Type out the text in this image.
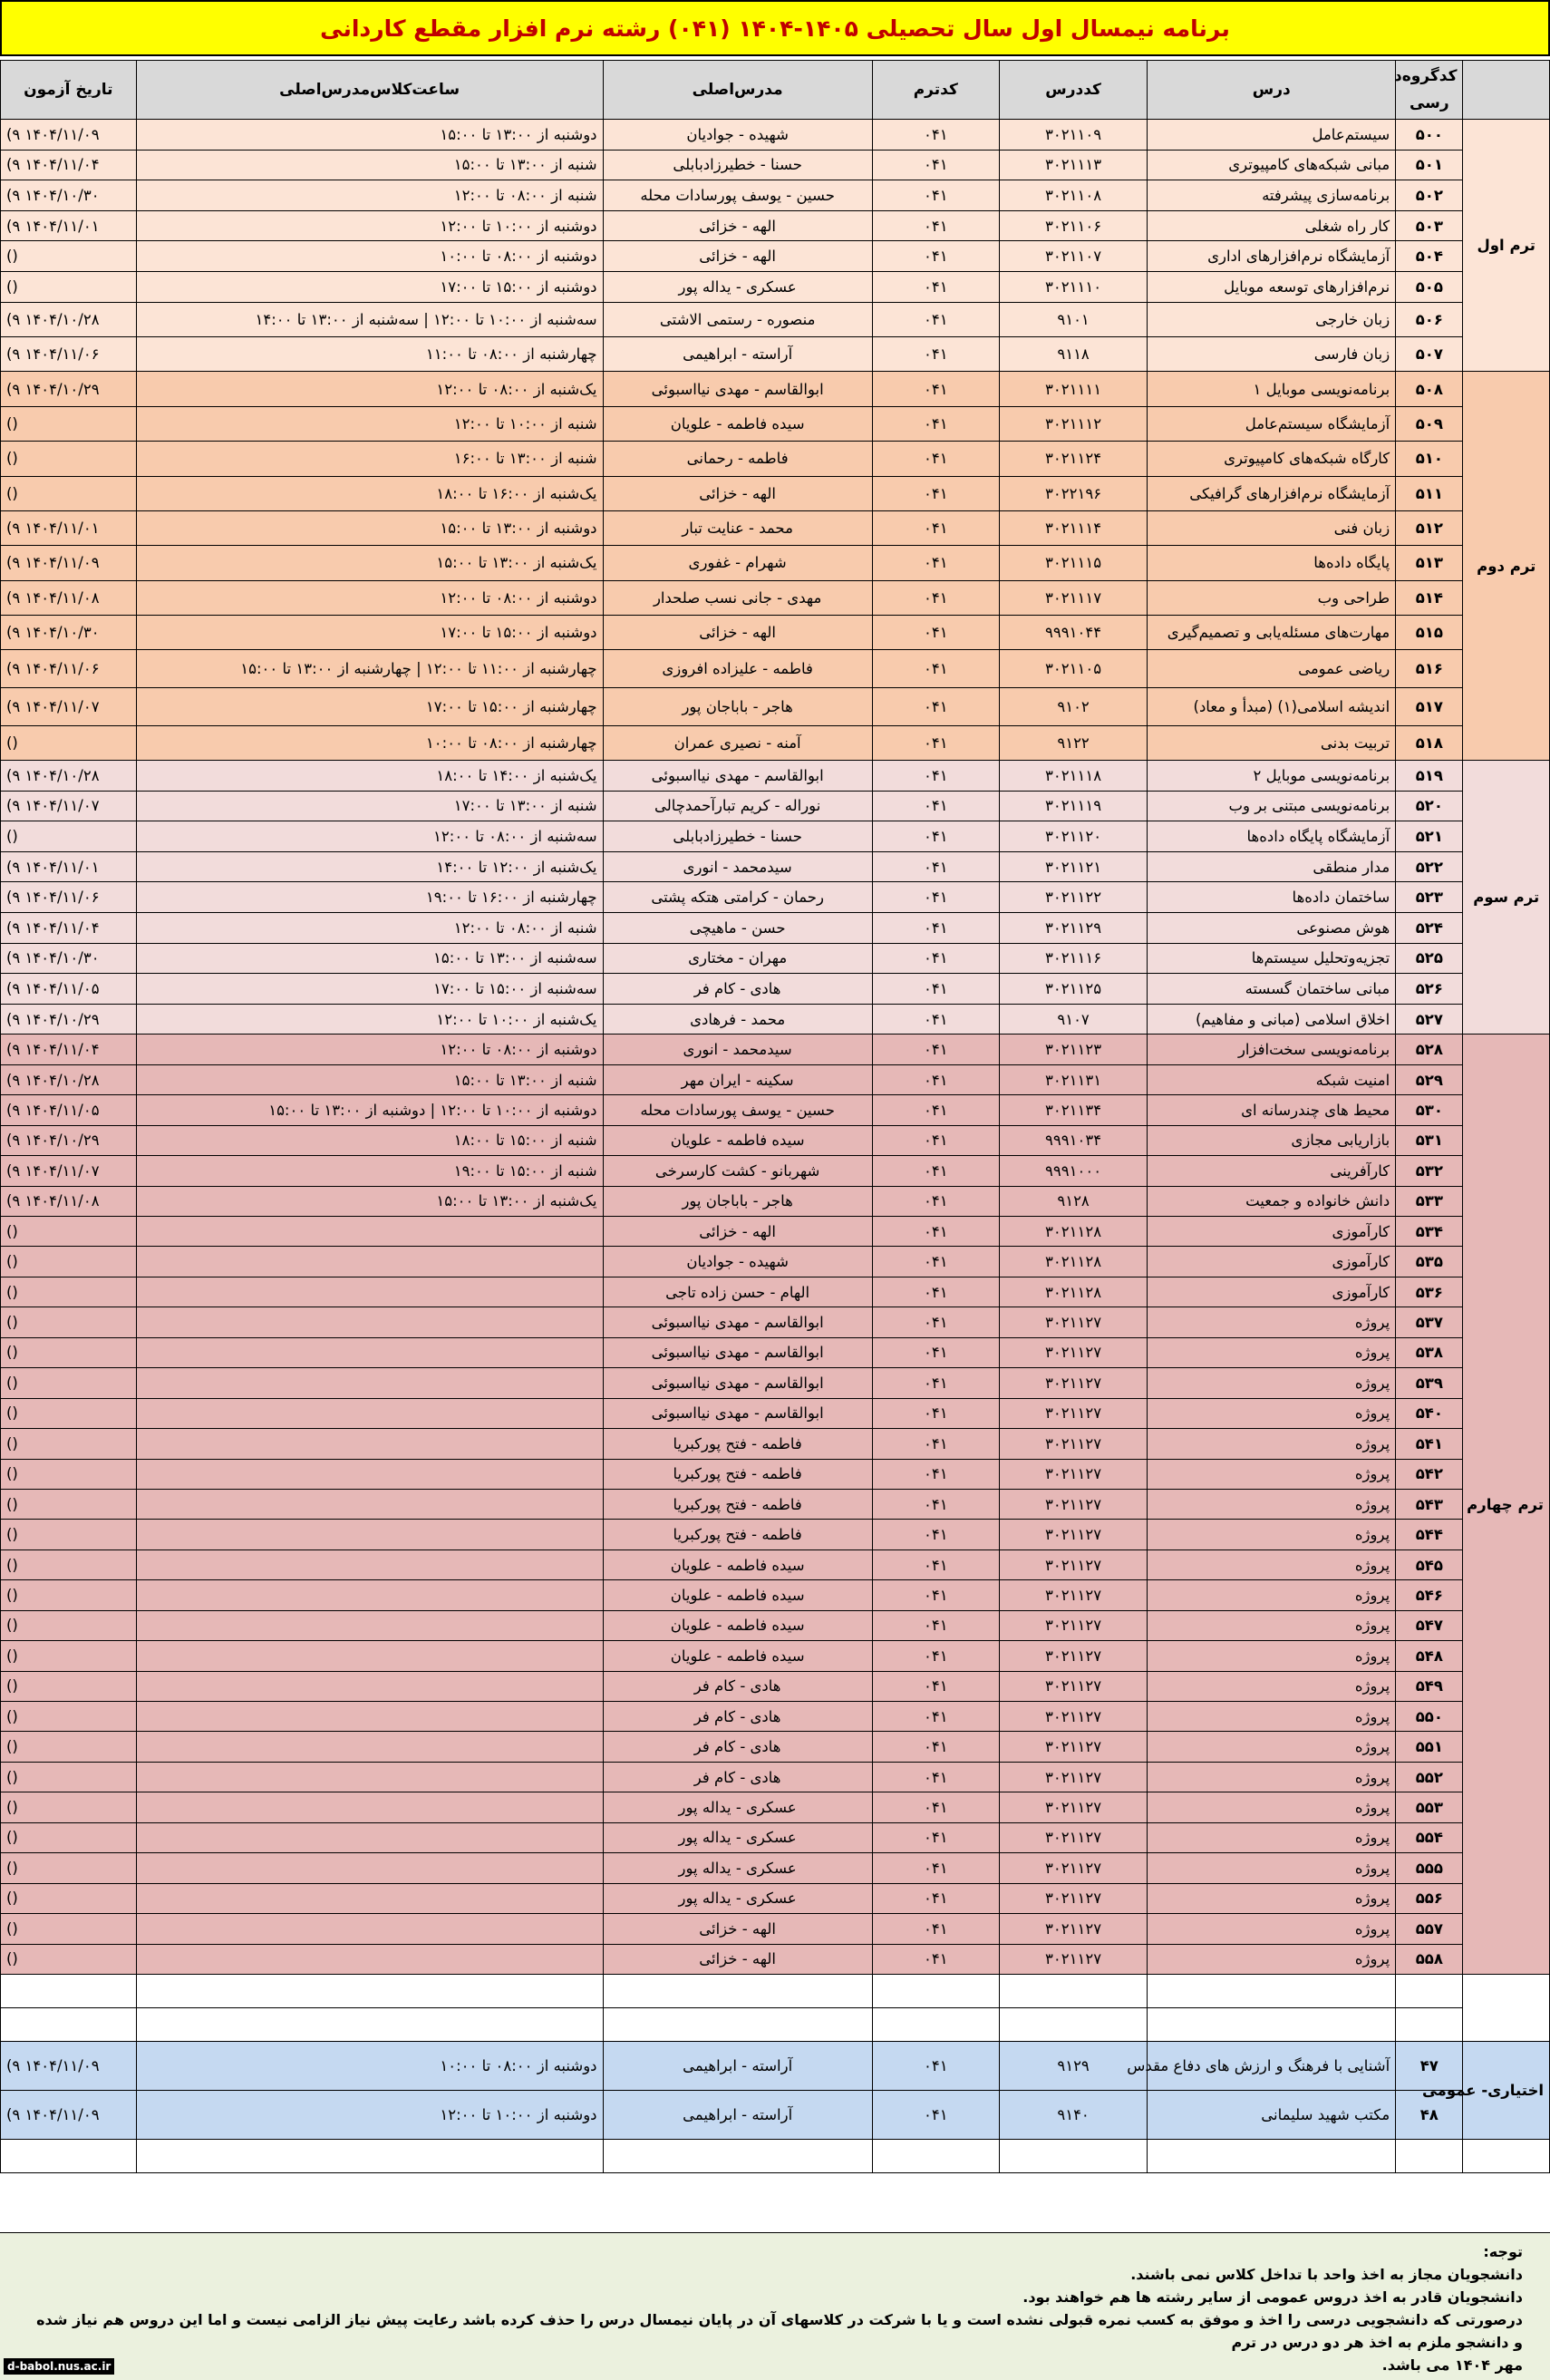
برنامه نیمسال اول سال تحصیلی ۱۴۰۵-۱۴۰۴ (۰۴۱) رشته نرم افزار مقطع کاردانی
	کدگروه‌د رسی	درس	کددرس	کدترم	مدرس‌اصلی	ساعت‌کلاس‌مدرس‌اصلی	تاریخ آزمون
ترم اول	۵۰۰	سیستم‌عامل	۳۰۲۱۱۰۹	۰۴۱	شهیده - جوادیان	دوشنبه از ۱۳:۰۰ تا ۱۵:۰۰	(۹ ۱۴۰۴/۱۱/۰۹
	۵۰۱	مبانی شبکه‌های کامپیوتری	۳۰۲۱۱۱۳	۰۴۱	حسنا - خطیرزادبابلی	شنبه از ۱۳:۰۰ تا ۱۵:۰۰	(۹ ۱۴۰۴/۱۱/۰۴
	۵۰۲	برنامه‌سازی پیشرفته	۳۰۲۱۱۰۸	۰۴۱	حسین - یوسف پورسادات محله	شنبه از ۰۸:۰۰ تا ۱۲:۰۰	(۹ ۱۴۰۴/۱۰/۳۰
	۵۰۳	کار راه شغلی	۳۰۲۱۱۰۶	۰۴۱	الهه - خزائی	دوشنبه از ۱۰:۰۰ تا ۱۲:۰۰	(۹ ۱۴۰۴/۱۱/۰۱
	۵۰۴	آزمایشگاه نرم‌افزارهای اداری	۳۰۲۱۱۰۷	۰۴۱	الهه - خزائی	دوشنبه از ۰۸:۰۰ تا ۱۰:۰۰	()
	۵۰۵	نرم‌افزارهای توسعه موبایل	۳۰۲۱۱۱۰	۰۴۱	عسکری - یداله پور	دوشنبه از ۱۵:۰۰ تا ۱۷:۰۰	()
	۵۰۶	زبان خارجی	۹۱۰۱	۰۴۱	منصوره - رستمی الاشتی	سه‌شنبه از ۱۰:۰۰ تا ۱۲:۰۰ | سه‌شنبه از ۱۳:۰۰ تا ۱۴:۰۰	(۹ ۱۴۰۴/۱۰/۲۸
	۵۰۷	زبان فارسی	۹۱۱۸	۰۴۱	آراسته - ابراهیمی	چهارشنبه از ۰۸:۰۰ تا ۱۱:۰۰	(۹ ۱۴۰۴/۱۱/۰۶
ترم دوم	۵۰۸	برنامه‌نویسی موبایل ۱	۳۰۲۱۱۱۱	۰۴۱	ابوالقاسم - مهدی نیااسبوئی	یک‌شنبه از ۰۸:۰۰ تا ۱۲:۰۰	(۹ ۱۴۰۴/۱۰/۲۹
	۵۰۹	آزمایشگاه سیستم‌عامل	۳۰۲۱۱۱۲	۰۴۱	سیده فاطمه - علویان	شنبه از ۱۰:۰۰ تا ۱۲:۰۰	()
	۵۱۰	کارگاه شبکه‌های کامپیوتری	۳۰۲۱۱۲۴	۰۴۱	فاطمه - رحمانی	شنبه از ۱۳:۰۰ تا ۱۶:۰۰	()
	۵۱۱	آزمایشگاه نرم‌افزارهای گرافیکی	۳۰۲۲۱۹۶	۰۴۱	الهه - خزائی	یک‌شنبه از ۱۶:۰۰ تا ۱۸:۰۰	()
	۵۱۲	زبان فنی	۳۰۲۱۱۱۴	۰۴۱	محمد - عنایت تبار	دوشنبه از ۱۳:۰۰ تا ۱۵:۰۰	(۹ ۱۴۰۴/۱۱/۰۱
	۵۱۳	پایگاه داده‌ها	۳۰۲۱۱۱۵	۰۴۱	شهرام - غفوری	یک‌شنبه از ۱۳:۰۰ تا ۱۵:۰۰	(۹ ۱۴۰۴/۱۱/۰۹
	۵۱۴	طراحی وب	۳۰۲۱۱۱۷	۰۴۱	مهدی - جانی نسب صلحدار	دوشنبه از ۰۸:۰۰ تا ۱۲:۰۰	(۹ ۱۴۰۴/۱۱/۰۸
	۵۱۵	مهارت‌های مسئله‌یابی و تصمیم‌گیری	۹۹۹۱۰۴۴	۰۴۱	الهه - خزائی	دوشنبه از ۱۵:۰۰ تا ۱۷:۰۰	(۹ ۱۴۰۴/۱۰/۳۰
	۵۱۶	ریاضی عمومی	۳۰۲۱۱۰۵	۰۴۱	فاطمه - علیزاده افروزی	چهارشنبه از ۱۱:۰۰ تا ۱۲:۰۰ | چهارشنبه از ۱۳:۰۰ تا ۱۵:۰۰	(۹ ۱۴۰۴/۱۱/۰۶
	۵۱۷	اندیشه اسلامی(۱) (مبدأ و معاد)	۹۱۰۲	۰۴۱	هاجر - باباجان پور	چهارشنبه از ۱۵:۰۰ تا ۱۷:۰۰	(۹ ۱۴۰۴/۱۱/۰۷
	۵۱۸	تربیت بدنی	۹۱۲۲	۰۴۱	آمنه - نصیری عمران	چهارشنبه از ۰۸:۰۰ تا ۱۰:۰۰	()
ترم سوم	۵۱۹	برنامه‌نویسی موبایل ۲	۳۰۲۱۱۱۸	۰۴۱	ابوالقاسم - مهدی نیااسبوئی	یک‌شنبه از ۱۴:۰۰ تا ۱۸:۰۰	(۹ ۱۴۰۴/۱۰/۲۸
	۵۲۰	برنامه‌نویسی مبتنی بر وب	۳۰۲۱۱۱۹	۰۴۱	نوراله - کریم تبارآحمدچالی	شنبه از ۱۳:۰۰ تا ۱۷:۰۰	(۹ ۱۴۰۴/۱۱/۰۷
	۵۲۱	آزمایشگاه پایگاه داده‌ها	۳۰۲۱۱۲۰	۰۴۱	حسنا - خطیرزادبابلی	سه‌شنبه از ۰۸:۰۰ تا ۱۲:۰۰	()
	۵۲۲	مدار منطقی	۳۰۲۱۱۲۱	۰۴۱	سیدمحمد - انوری	یک‌شنبه از ۱۲:۰۰ تا ۱۴:۰۰	(۹ ۱۴۰۴/۱۱/۰۱
	۵۲۳	ساختمان داده‌ها	۳۰۲۱۱۲۲	۰۴۱	رحمان - کرامتی هتکه پشتی	چهارشنبه از ۱۶:۰۰ تا ۱۹:۰۰	(۹ ۱۴۰۴/۱۱/۰۶
	۵۲۴	هوش مصنوعی	۳۰۲۱۱۲۹	۰۴۱	حسن - ماهیچی	شنبه از ۰۸:۰۰ تا ۱۲:۰۰	(۹ ۱۴۰۴/۱۱/۰۴
	۵۲۵	تجزیه‌وتحلیل سیستم‌ها	۳۰۲۱۱۱۶	۰۴۱	مهران - مختاری	سه‌شنبه از ۱۳:۰۰ تا ۱۵:۰۰	(۹ ۱۴۰۴/۱۰/۳۰
	۵۲۶	مبانی ساختمان گسسته	۳۰۲۱۱۲۵	۰۴۱	هادی - کام فر	سه‌شنبه از ۱۵:۰۰ تا ۱۷:۰۰	(۹ ۱۴۰۴/۱۱/۰۵
	۵۲۷	اخلاق اسلامی (مبانی و مفاهیم)	۹۱۰۷	۰۴۱	محمد - فرهادی	یک‌شنبه از ۱۰:۰۰ تا ۱۲:۰۰	(۹ ۱۴۰۴/۱۰/۲۹
ترم چهارم	۵۲۸	برنامه‌نویسی سخت‌افزار	۳۰۲۱۱۲۳	۰۴۱	سیدمحمد - انوری	دوشنبه از ۰۸:۰۰ تا ۱۲:۰۰	(۹ ۱۴۰۴/۱۱/۰۴
	۵۲۹	امنیت شبکه	۳۰۲۱۱۳۱	۰۴۱	سکینه - ایران مهر	شنبه از ۱۳:۰۰ تا ۱۵:۰۰	(۹ ۱۴۰۴/۱۰/۲۸
	۵۳۰	محیط های چندرسانه ای	۳۰۲۱۱۳۴	۰۴۱	حسین - یوسف پورسادات محله	دوشنبه از ۱۰:۰۰ تا ۱۲:۰۰ | دوشنبه از ۱۳:۰۰ تا ۱۵:۰۰	(۹ ۱۴۰۴/۱۱/۰۵
	۵۳۱	بازاریابی مجازی	۹۹۹۱۰۳۴	۰۴۱	سیده فاطمه - علویان	شنبه از ۱۵:۰۰ تا ۱۸:۰۰	(۹ ۱۴۰۴/۱۰/۲۹
	۵۳۲	کارآفرینی	۹۹۹۱۰۰۰	۰۴۱	شهربانو - کشت کارسرخی	شنبه از ۱۵:۰۰ تا ۱۹:۰۰	(۹ ۱۴۰۴/۱۱/۰۷
	۵۳۳	دانش خانواده و جمعیت	۹۱۲۸	۰۴۱	هاجر - باباجان پور	یک‌شنبه از ۱۳:۰۰ تا ۱۵:۰۰	(۹ ۱۴۰۴/۱۱/۰۸
	۵۳۴	کارآموزی	۳۰۲۱۱۲۸	۰۴۱	الهه - خزائی		()
	۵۳۵	کارآموزی	۳۰۲۱۱۲۸	۰۴۱	شهیده - جوادیان		()
	۵۳۶	کارآموزی	۳۰۲۱۱۲۸	۰۴۱	الهام - حسن زاده تاجی		()
	۵۳۷	پروژه	۳۰۲۱۱۲۷	۰۴۱	ابوالقاسم - مهدی نیااسبوئی		()
	۵۳۸	پروژه	۳۰۲۱۱۲۷	۰۴۱	ابوالقاسم - مهدی نیااسبوئی		()
	۵۳۹	پروژه	۳۰۲۱۱۲۷	۰۴۱	ابوالقاسم - مهدی نیااسبوئی		()
	۵۴۰	پروژه	۳۰۲۱۱۲۷	۰۴۱	ابوالقاسم - مهدی نیااسبوئی		()
	۵۴۱	پروژه	۳۰۲۱۱۲۷	۰۴۱	فاطمه - فتح پورکبریا		()
	۵۴۲	پروژه	۳۰۲۱۱۲۷	۰۴۱	فاطمه - فتح پورکبریا		()
	۵۴۳	پروژه	۳۰۲۱۱۲۷	۰۴۱	فاطمه - فتح پورکبریا		()
	۵۴۴	پروژه	۳۰۲۱۱۲۷	۰۴۱	فاطمه - فتح پورکبریا		()
	۵۴۵	پروژه	۳۰۲۱۱۲۷	۰۴۱	سیده فاطمه - علویان		()
	۵۴۶	پروژه	۳۰۲۱۱۲۷	۰۴۱	سیده فاطمه - علویان		()
	۵۴۷	پروژه	۳۰۲۱۱۲۷	۰۴۱	سیده فاطمه - علویان		()
	۵۴۸	پروژه	۳۰۲۱۱۲۷	۰۴۱	سیده فاطمه - علویان		()
	۵۴۹	پروژه	۳۰۲۱۱۲۷	۰۴۱	هادی - کام فر		()
	۵۵۰	پروژه	۳۰۲۱۱۲۷	۰۴۱	هادی - کام فر		()
	۵۵۱	پروژه	۳۰۲۱۱۲۷	۰۴۱	هادی - کام فر		()
	۵۵۲	پروژه	۳۰۲۱۱۲۷	۰۴۱	هادی - کام فر		()
	۵۵۳	پروژه	۳۰۲۱۱۲۷	۰۴۱	عسکری - یداله پور		()
	۵۵۴	پروژه	۳۰۲۱۱۲۷	۰۴۱	عسکری - یداله پور		()
	۵۵۵	پروژه	۳۰۲۱۱۲۷	۰۴۱	عسکری - یداله پور		()
	۵۵۶	پروژه	۳۰۲۱۱۲۷	۰۴۱	عسکری - یداله پور		()
	۵۵۷	پروژه	۳۰۲۱۱۲۷	۰۴۱	الهه - خزائی		()
	۵۵۸	پروژه	۳۰۲۱۱۲۷	۰۴۱	الهه - خزائی		()

اختیاری- عمومی	۴۷	آشنایی با فرهنگ و ارزش های دفاع مقدس	۹۱۲۹	۰۴۱	آراسته - ابراهیمی	دوشنبه از ۰۸:۰۰ تا ۱۰:۰۰	(۹ ۱۴۰۴/۱۱/۰۹
	۴۸	مکتب شهید سلیمانی	۹۱۴۰	۰۴۱	آراسته - ابراهیمی	دوشنبه از ۱۰:۰۰ تا ۱۲:۰۰	(۹ ۱۴۰۴/۱۱/۰۹

توجه:

دانشجویان مجاز به اخذ واحد با تداخل کلاس نمی باشند.

دانشجویان قادر به اخذ دروس عمومی از سایر رشته ها هم خواهند بود.

درصورتی که دانشجویی درسی را اخذ و موفق به کسب نمره قبولی نشده است و یا با شرکت در کلاسهای آن در پایان نیمسال درس را حذف کرده باشد رعایت پیش نیاز الزامی نیست و اما این دروس هم نیاز شده و دانشجو ملزم به اخذ هر دو درس در ترم

مهر ۱۴۰۴ می باشد.

d-babol.nus.ac.ir
